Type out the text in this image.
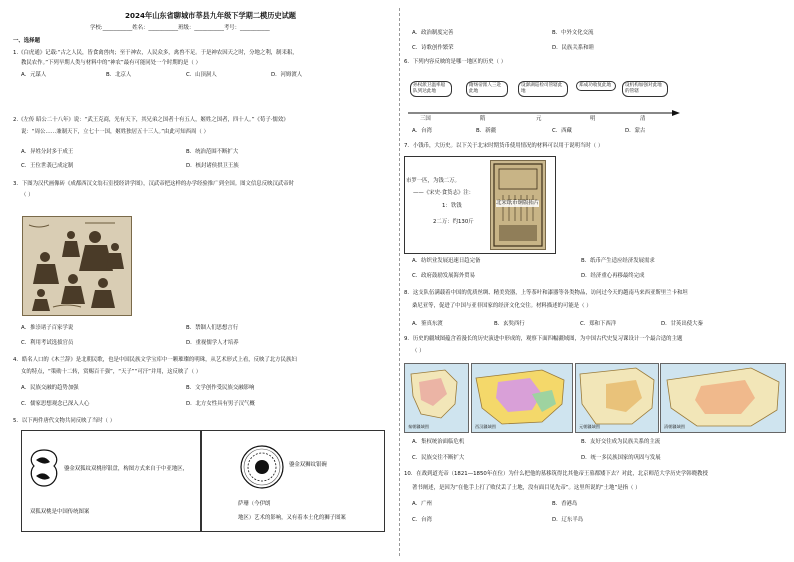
2024年山东省聊城市莘县九年级下学期二模历史试题
学校:___________姓名：___________班级：___________考号：___________
一、选择题
1.《白虎通》记载:“古之人民，皆食禽兽肉；至于神农，人民众多，禽兽不足。于是神农因天之时，分地之利，制耒耜，
教民农作。”下列早期人类与材料中的“神农”最有可能同处一个时期的是（ ）
A．元谋人	B．北京人	C．山顶洞人	D．河姆渡人
2.《左传 昭公二十八年》说：“武王克商，光有天下，其兄弟之国者十有五人，姬姓之国者，四十人。”《荀子·儒效》
说：“周公……兼制天下，立七十一国，姬姓独居五十三人。”由此可知西周（ ）
A．异姓分封多于成王	B．统治范围不断扩大
C．王位世袭已成定制	D．核封诸侯拱卫王族
3．下图为汉代画像砖《成都西汉文翁石室授经讲学图》，汉武帝把这样的办学经验推广到全国。图文信息反映汉武帝时
（ ）
A．推崇诸子百家学说	B．禁锢人们思想言行
C．利用考试选拔官员	D．重视儒学人才培养
4．皓名人口的《木兰辞》是北朝民歌，也是中国民族文学宝库中一颗璀璨的明珠，从艺术形式上看，反映了北方民族妇
女的特点，“策勋十二转，赏赐百千强”，“天子”“可汗”并用，这反映了（ ）
A．民族交融的趋势加强	B．文学创作受民族交融影响
C．儒家思想观念已深入人心	D．北方女性具有男子汉气概
5．以下两件唐代文物共同反映了当时（ ）
鎏金双狐纹双桃形银盘，构图方式来自于中亚地区，
双狐双桃是中国传统图案
鎏金双狮纹银碗
萨珊（今伊朗
地区）艺术的影响，又有着本土化的狮子图案
A．政治制度完善	B．中外文化交流
C．诗歌创作繁荣	D．民族关系和睦
6．下列内容反映的是哪一地区的历史（ ）
孙权派卫温率船队到达此地
隋炀帝派人三赴此地
设澎湖巡检司管辖此地
郑成功收复此地	设机构加强对此地的管辖
三国	隋	元	明	清
A．台湾	B．新疆	C．西藏	D．蒙古
7．小钱币，大历史。以下关于北宋时期货币使用情况的材料可以用于说明当时（ ）
市罗一匹，为钱二万。
——《宋史·食货志》注：
1：铁钱
2二万：约130斤
北宋纸币铜版拓片
A．纺织业发展迅速日趋完备	B．纸币产生适应经济发展需求
C．政府鼓励发展海外贸易	D．经济重心再移最终完成
8．这支队伍满载着中国的优质丝绸、精美瓷器，上等茶叶和漆器等各类物品，访问过今天的越南马来西亚斯里兰卡和坦
桑尼亚等，促进了中国与亚非国家的经济文化交往。材料描述的可能是（ ）
A．鉴真东渡	B．玄奘西行	C．郑和下西洋	D．甘英出使大秦
9．历史的疆域图蕴含着漫长的历史演进中形成的，观察下面四幅疆域图，为中国古代史复习课设计一个最合适的主题
（ ）
秦朝疆域图	西汉疆域图	元朝疆域图	清朝疆域图
A．集权统治面临危机	B．友好交往成为民族关系的主流
C．民族交往不断扩大	D．统一多民族国家的巩固与发展
10．在战到道光帝（1821—1850年在位）为什么把他的墓移筑得比其他帝王墓都矮下去？对此，北京师范大学历史学韩晓教授
著书阐述，是因为“在他手上打了败仗丢了土地，没有面目见先帝”。这里所说的“土地”是指（ ）
A．广州	B．香港岛
C．台湾	D．辽东半岛
